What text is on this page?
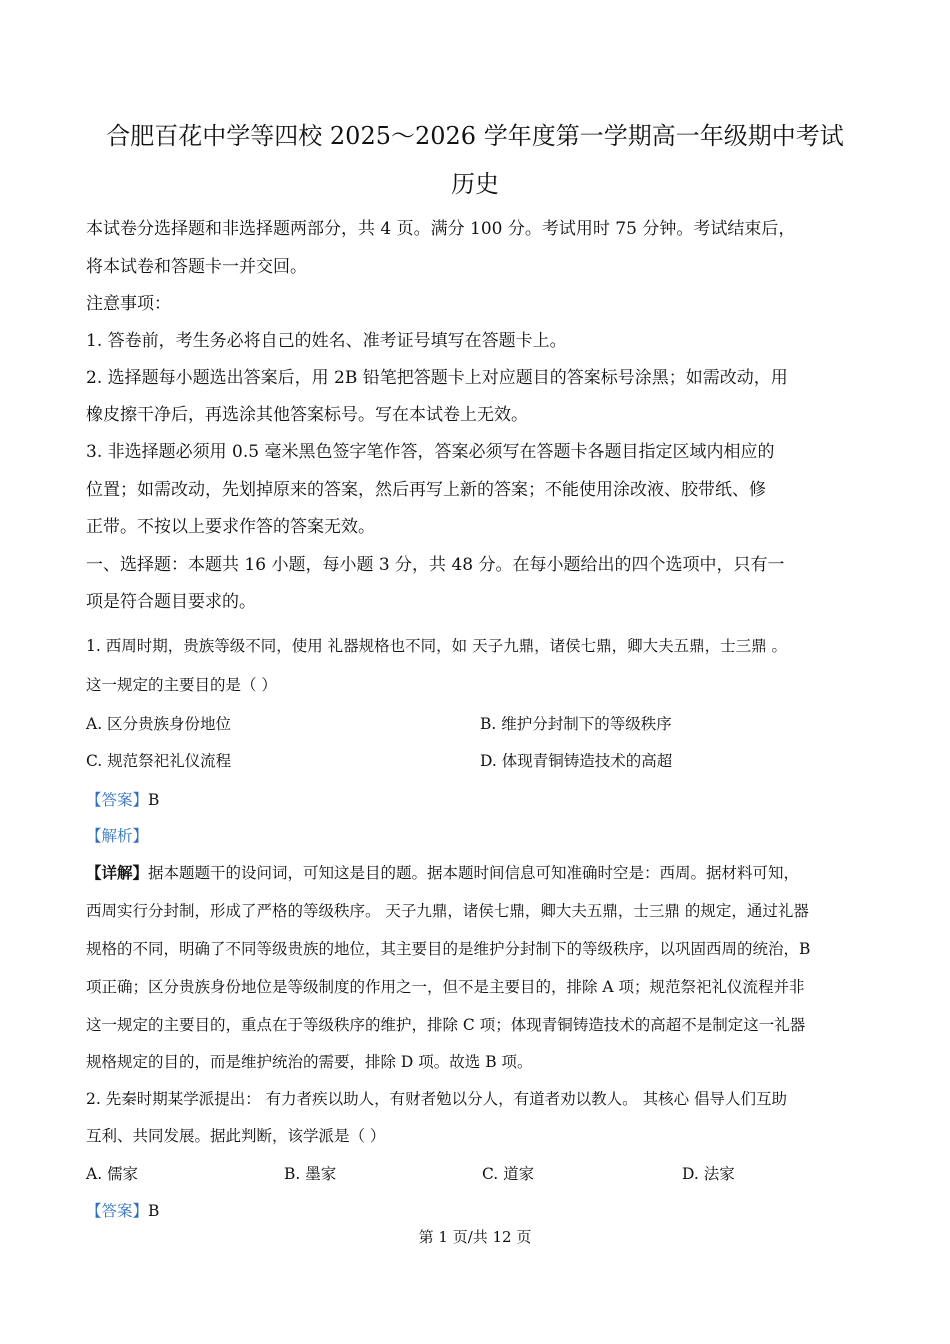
合肥百花中学等四校 2025～2026 学年度第一学期高一年级期中考试
历史
本试卷分选择题和非选择题两部分，共 4 页。满分 100 分。考试用时 75 分钟。考试结束后，
将本试卷和答题卡一并交回。
注意事项：
1. 答卷前，考生务必将自己的姓名、准考证号填写在答题卡上。
2. 选择题每小题选出答案后，用 2B 铅笔把答题卡上对应题目的答案标号涂黑；如需改动，用
橡皮擦干净后，再选涂其他答案标号。写在本试卷上无效。
3. 非选择题必须用 0.5 毫米黑色签字笔作答，答案必须写在答题卡各题目指定区域内相应的
位置；如需改动，先划掉原来的答案，然后再写上新的答案；不能使用涂改液、胶带纸、修
正带。不按以上要求作答的答案无效。
一、选择题：本题共 16 小题，每小题 3 分，共 48 分。在每小题给出的四个选项中，只有一
项是符合题目要求的。
1. 西周时期，贵族等级不同，使用 礼器规格也不同，如 天子九鼎，诸侯七鼎，卿大夫五鼎，士三鼎 。
这一规定的主要目的是（ ）
A. 区分贵族身份地位	B. 维护分封制下的等级秩序
C. 规范祭祀礼仪流程	D. 体现青铜铸造技术的高超
【答案】B
【解析】
【详解】据本题题干的设问词，可知这是目的题。据本题时间信息可知准确时空是：西周。据材料可知，
西周实行分封制，形成了严格的等级秩序。 天子九鼎，诸侯七鼎，卿大夫五鼎，士三鼎 的规定，通过礼器
规格的不同，明确了不同等级贵族的地位，其主要目的是维护分封制下的等级秩序，以巩固西周的统治，B
项正确；区分贵族身份地位是等级制度的作用之一，但不是主要目的，排除 A 项；规范祭祀礼仪流程并非
这一规定的主要目的，重点在于等级秩序的维护，排除 C 项；体现青铜铸造技术的高超不是制定这一礼器
规格规定的目的，而是维护统治的需要，排除 D 项。故选 B 项。
2. 先秦时期某学派提出： 有力者疾以助人，有财者勉以分人，有道者劝以教人。 其核心 倡导人们互助
互利、共同发展。据此判断，该学派是（ ）
A. 儒家	B. 墨家	C. 道家	D. 法家
【答案】B
第 1 页/共 12 页
